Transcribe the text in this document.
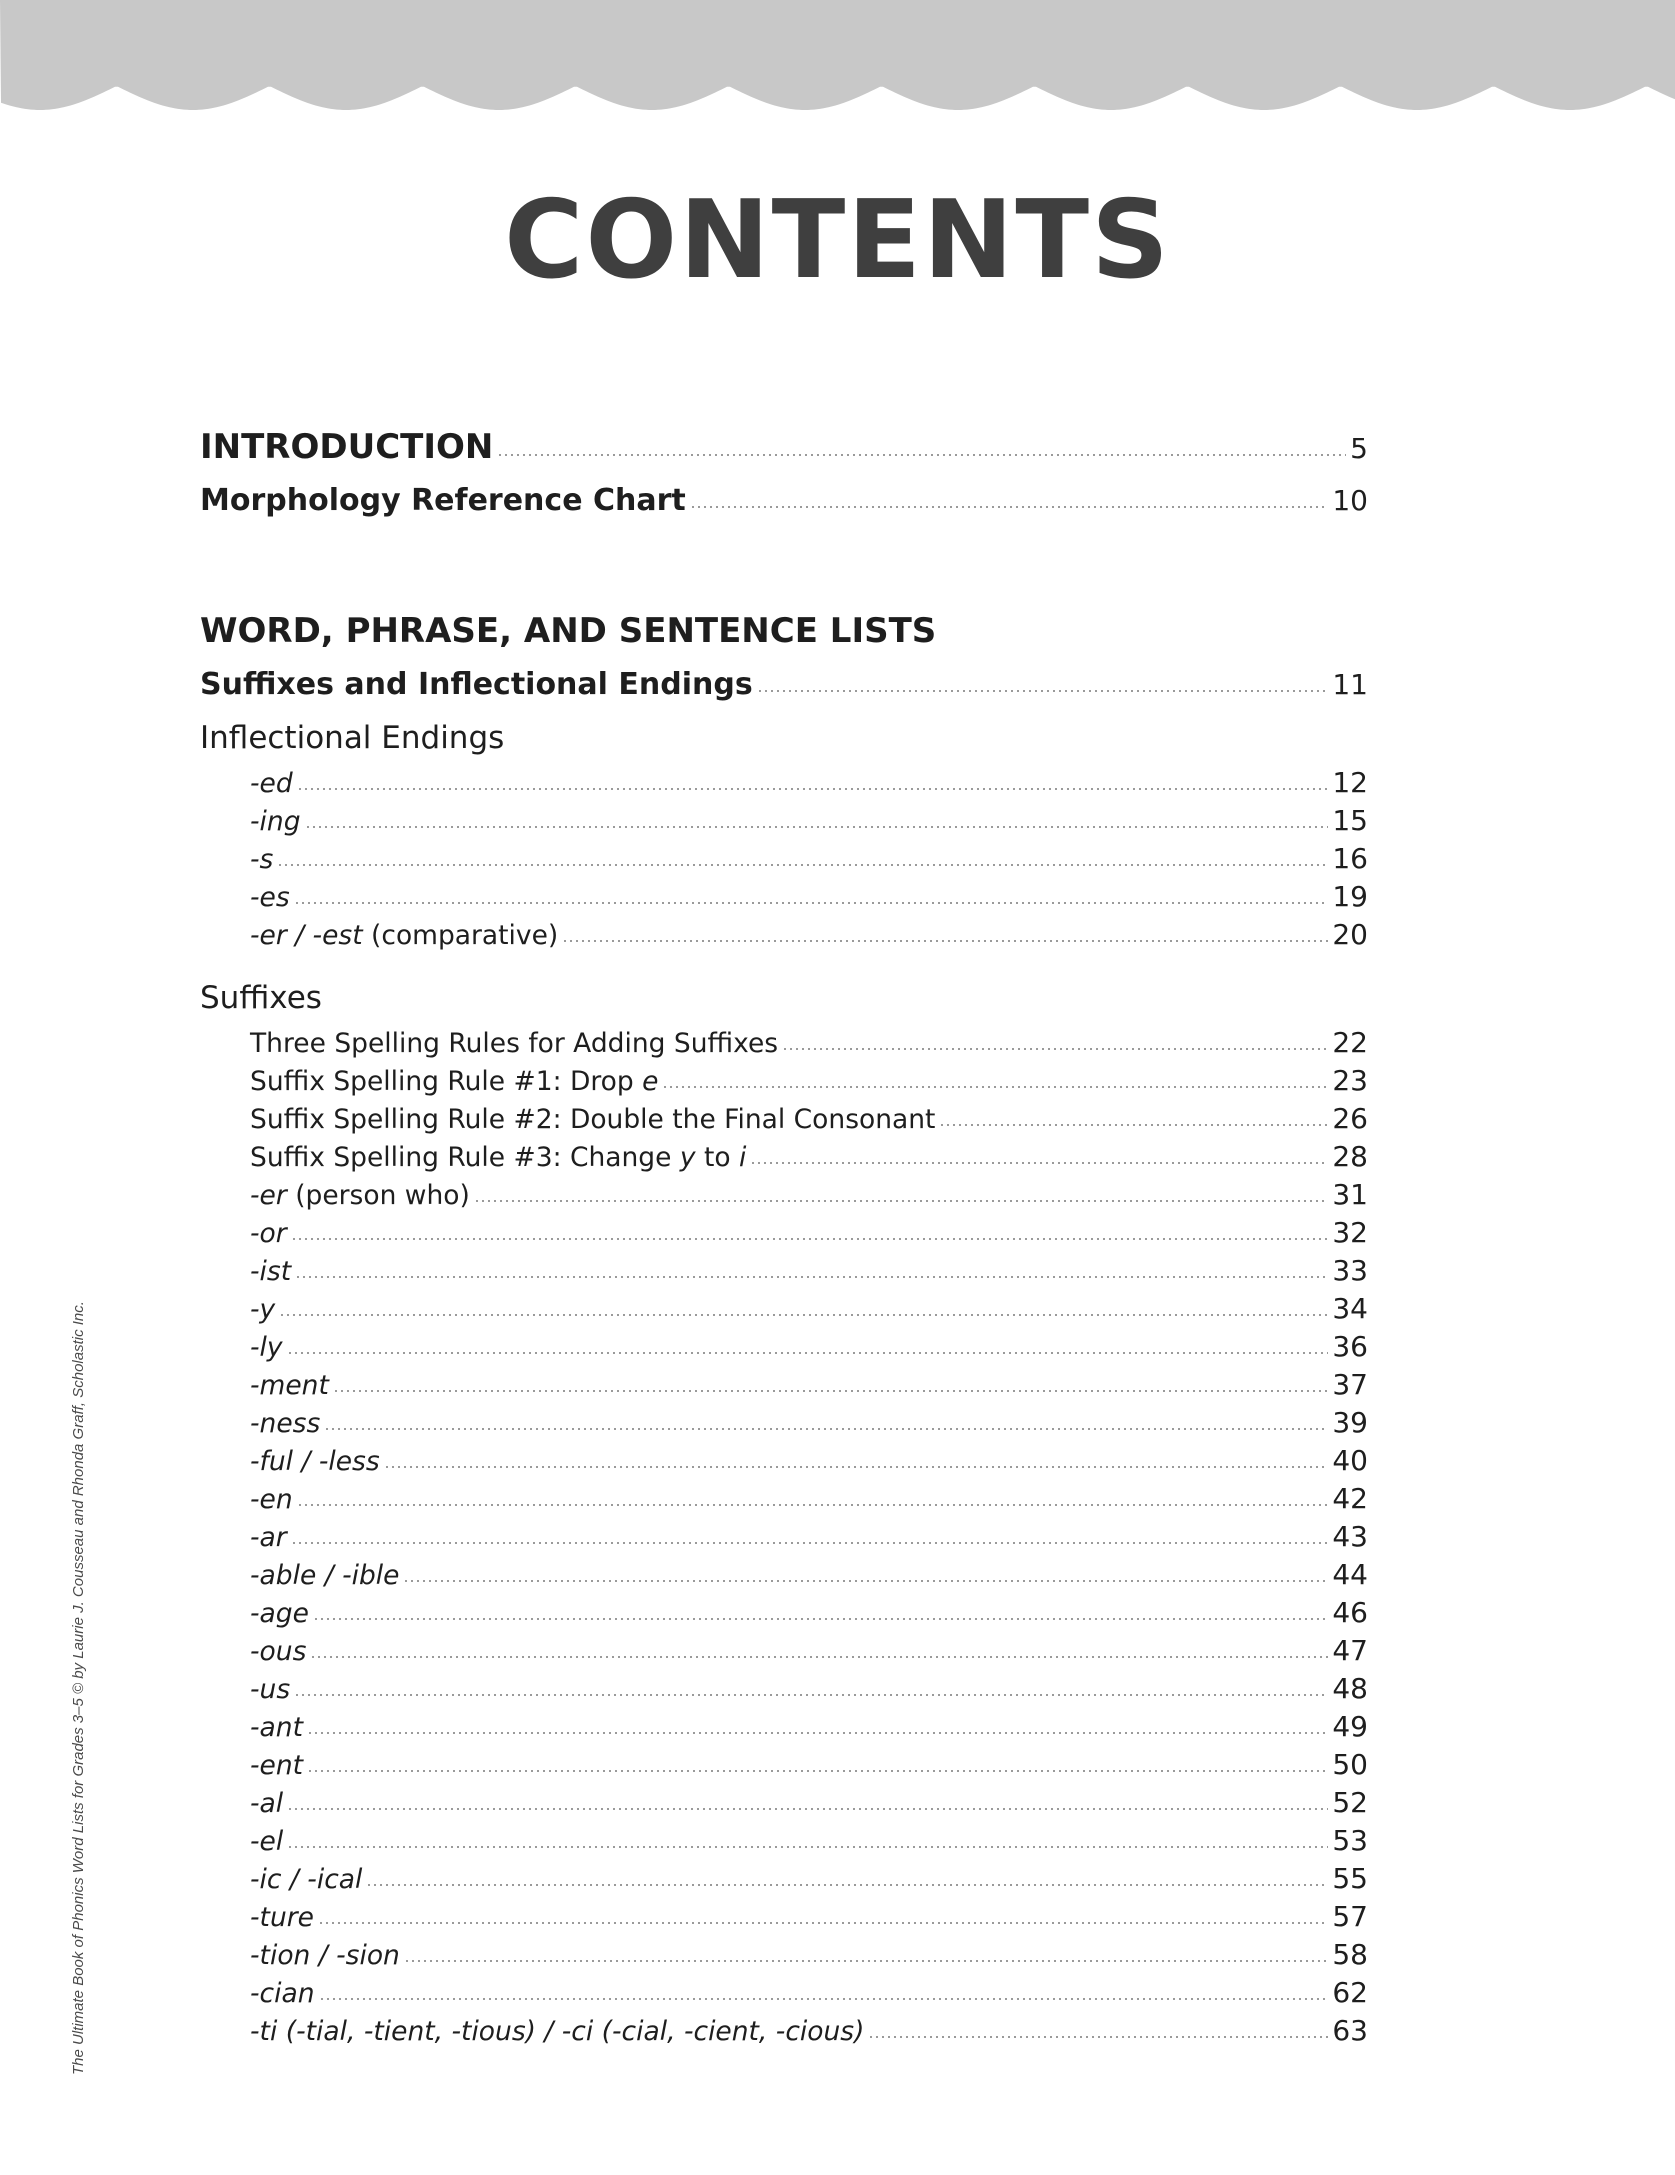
CONTENTS
INTRODUCTION	5
Morphology Reference Chart	10
WORD, PHRASE, AND SENTENCE LISTS
Suffixes and Inflectional Endings	11
Inflectional Endings
-ed	12
-ing	15
-s	16
-es	19
-er / -est (comparative)	20
Suffixes
Three Spelling Rules for Adding Suffixes	22
Suffix Spelling Rule #1: Drop e	23
Suffix Spelling Rule #2: Double the Final Consonant	26
Suffix Spelling Rule #3: Change y to i	28
-er (person who)	31
-or	32
-ist	33
-y	34
-ly	36
-ment	37
-ness	39
-ful / -less	40
-en	42
-ar	43
-able / -ible	44
-age	46
-ous	47
-us	48
-ant	49
-ent	50
-al	52
-el	53
-ic / -ical	55
-ture	57
-tion / -sion	58
-cian	62
-ti (-tial, -tient, -tious) / -ci (-cial, -cient, -cious)	63
The Ultimate Book of Phonics Word Lists for Grades 3–5 © by Laurie J. Cousseau and Rhonda Graff, Scholastic Inc.
